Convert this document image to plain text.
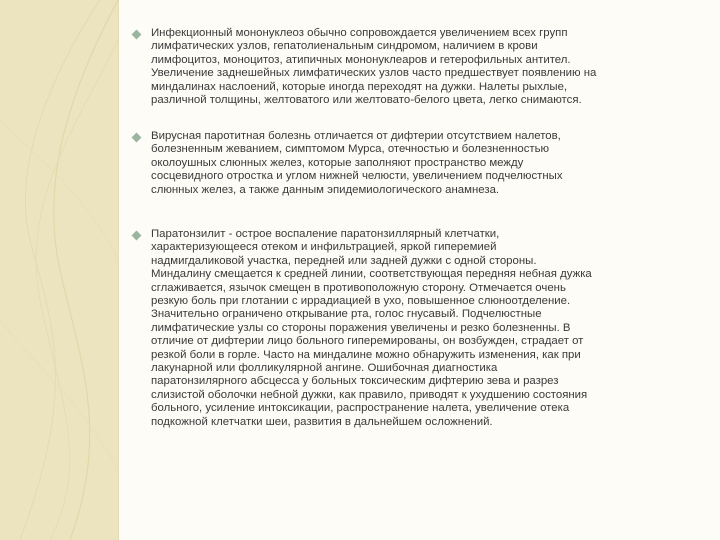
Инфекционный мононуклеоз обычно сопровождается увеличением всех групп
лимфатических узлов, гепатолиенальным синдромом, наличием в крови
лимфоцитоз, моноцитоз, атипичных мононуклеаров и гетерофильных антител.
Увеличение заднешейных лимфатических узлов часто предшествует появлению на
миндалинах наслоений, которые иногда переходят на дужки. Налеты рыхлые,
различной толщины, желтоватого или желтовато-белого цвета, легко снимаются.
Вирусная паротитная болезнь отличается от дифтерии отсутствием налетов,
болезненным жеванием, симптомом Мурса, отечностью и болезненностью
околоушных слюнных желез, которые заполняют пространство между
сосцевидного отростка и углом нижней челюсти, увеличением подчелюстных
слюнных желез, а также данным эпидемиологического анамнеза.
Паратонзилит - острое воспаление паратонзиллярный клетчатки,
характеризующееся отеком и инфильтрацией, яркой гиперемией
надмигдаликовой участка, передней или задней дужки с одной стороны.
Миндалину смещается к средней линии, соответствующая передняя небная дужка
сглаживается, язычок смещен в противоположную сторону. Отмечается очень
резкую боль при глотании с иррадиацией в ухо, повышенное слюноотделение.
Значительно ограничено открывание рта, голос гнусавый. Подчелюстные
лимфатические узлы со стороны поражения увеличены и резко болезненны. В
отличие от дифтерии лицо больного гиперемированы, он возбужден, страдает от
резкой боли в горле. Часто на миндалине можно обнаружить изменения, как при
лакунарной или фолликулярной ангине. Ошибочная диагностика
паратонзилярного абсцесса у больных токсическим дифтерию зева и разрез
слизистой оболочки небной дужки, как правило, приводят к ухудшению состояния
больного, усиление интоксикации, распространение налета, увеличение отека
подкожной клетчатки шеи, развития в дальнейшем осложнений.
